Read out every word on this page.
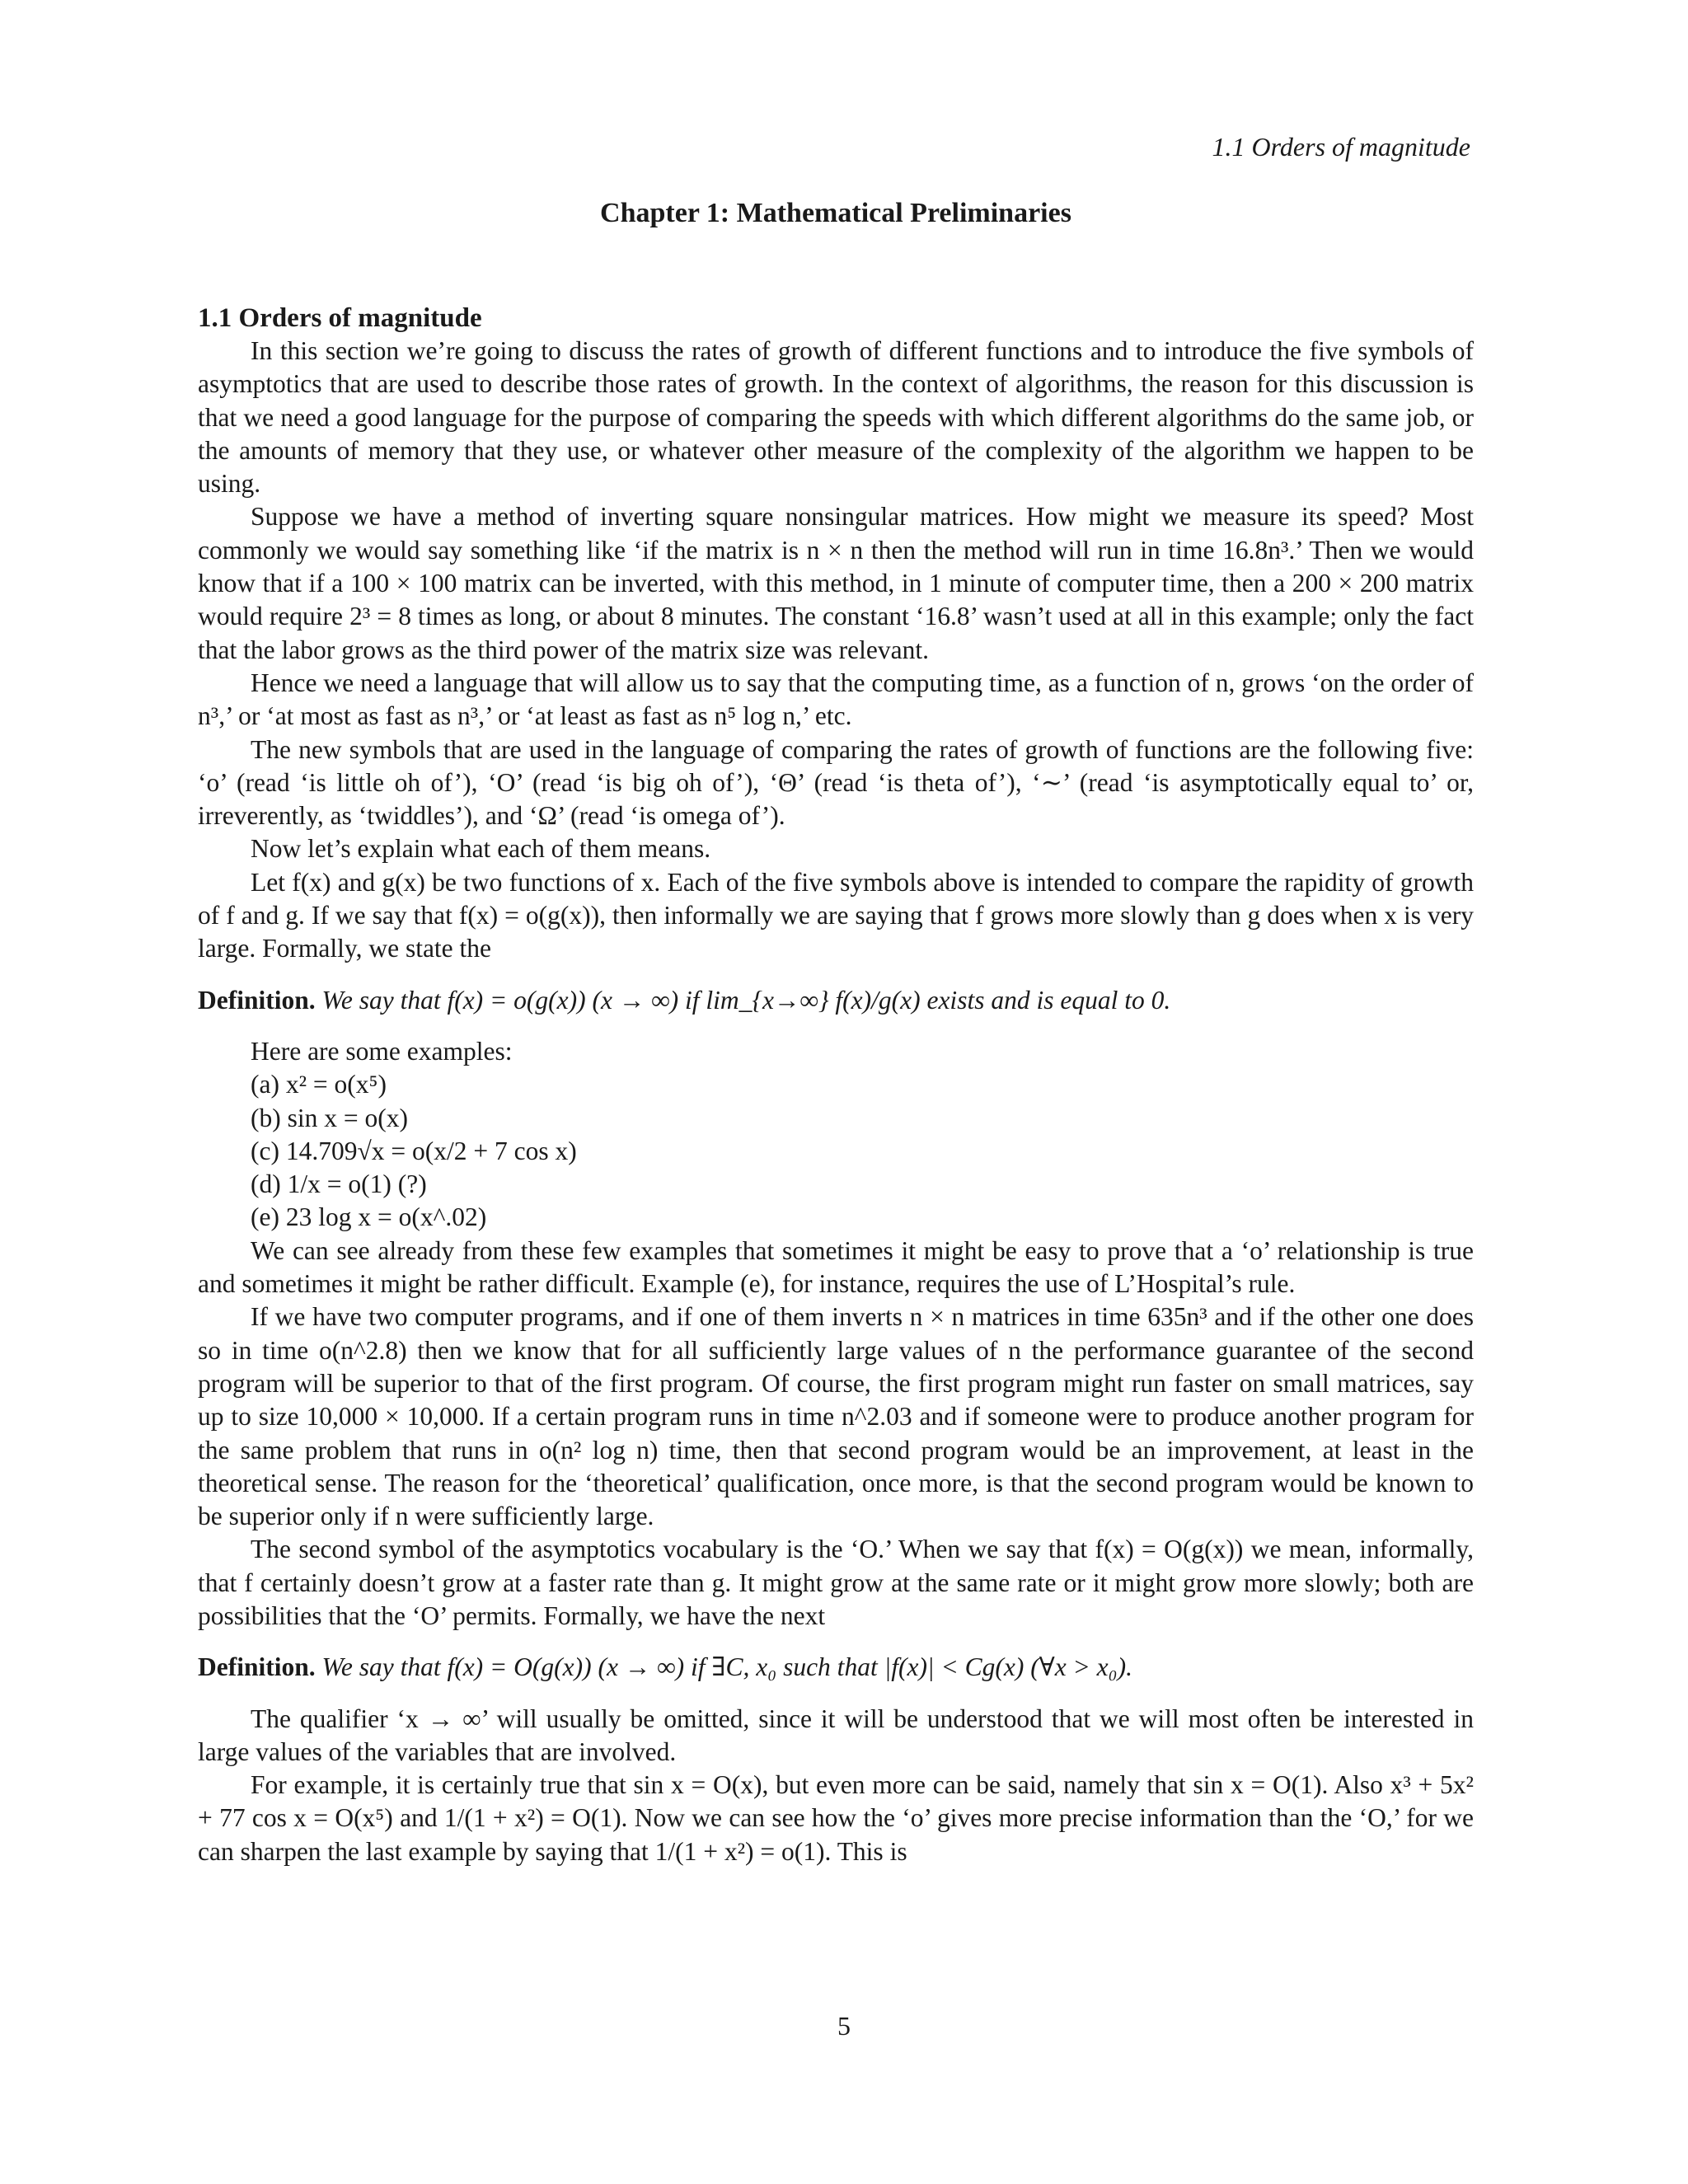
1.1 Orders of magnitude
Chapter 1: Mathematical Preliminaries
1.1 Orders of magnitude

In this section we’re going to discuss the rates of growth of different functions and to introduce the five symbols of asymptotics that are used to describe those rates of growth. In the context of algorithms, the reason for this discussion is that we need a good language for the purpose of comparing the speeds with which different algorithms do the same job, or the amounts of memory that they use, or whatever other measure of the complexity of the algorithm we happen to be using.

Suppose we have a method of inverting square nonsingular matrices. How might we measure its speed? Most commonly we would say something like ‘if the matrix is n × n then the method will run in time 16.8n³.’ Then we would know that if a 100 × 100 matrix can be inverted, with this method, in 1 minute of computer time, then a 200 × 200 matrix would require 2³ = 8 times as long, or about 8 minutes. The constant ‘16.8’ wasn’t used at all in this example; only the fact that the labor grows as the third power of the matrix size was relevant.

Hence we need a language that will allow us to say that the computing time, as a function of n, grows ‘on the order of n³,’ or ‘at most as fast as n³,’ or ‘at least as fast as n⁵ log n,’ etc.

The new symbols that are used in the language of comparing the rates of growth of functions are the following five: ‘o’ (read ‘is little oh of’), ‘O’ (read ‘is big oh of’), ‘Θ’ (read ‘is theta of’), ‘∼’ (read ‘is asymptotically equal to’ or, irreverently, as ‘twiddles’), and ‘Ω’ (read ‘is omega of’).

Now let’s explain what each of them means.

Let f(x) and g(x) be two functions of x. Each of the five symbols above is intended to compare the rapidity of growth of f and g. If we say that f(x) = o(g(x)), then informally we are saying that f grows more slowly than g does when x is very large. Formally, we state the

Definition. We say that f(x) = o(g(x)) (x → ∞) if lim_{x→∞} f(x)/g(x) exists and is equal to 0.

Here are some examples:

(a) x² = o(x⁵)
(b) sin x = o(x)
(c) 14.709√x = o(x/2 + 7 cos x)
(d) 1/x = o(1) (?)
(e) 23 log x = o(x^.02)

We can see already from these few examples that sometimes it might be easy to prove that a ‘o’ relationship is true and sometimes it might be rather difficult. Example (e), for instance, requires the use of L’Hospital’s rule.

If we have two computer programs, and if one of them inverts n × n matrices in time 635n³ and if the other one does so in time o(n^2.8) then we know that for all sufficiently large values of n the performance guarantee of the second program will be superior to that of the first program. Of course, the first program might run faster on small matrices, say up to size 10,000 × 10,000. If a certain program runs in time n^2.03 and if someone were to produce another program for the same problem that runs in o(n² log n) time, then that second program would be an improvement, at least in the theoretical sense. The reason for the ‘theoretical’ qualification, once more, is that the second program would be known to be superior only if n were sufficiently large.

The second symbol of the asymptotics vocabulary is the ‘O.’ When we say that f(x) = O(g(x)) we mean, informally, that f certainly doesn’t grow at a faster rate than g. It might grow at the same rate or it might grow more slowly; both are possibilities that the ‘O’ permits. Formally, we have the next

Definition. We say that f(x) = O(g(x)) (x → ∞) if ∃C, x₀ such that |f(x)| < Cg(x) (∀x > x₀).

The qualifier ‘x → ∞’ will usually be omitted, since it will be understood that we will most often be interested in large values of the variables that are involved.

For example, it is certainly true that sin x = O(x), but even more can be said, namely that sin x = O(1). Also x³ + 5x² + 77 cos x = O(x⁵) and 1/(1 + x²) = O(1). Now we can see how the ‘o’ gives more precise information than the ‘O,’ for we can sharpen the last example by saying that 1/(1 + x²) = o(1). This is

5
